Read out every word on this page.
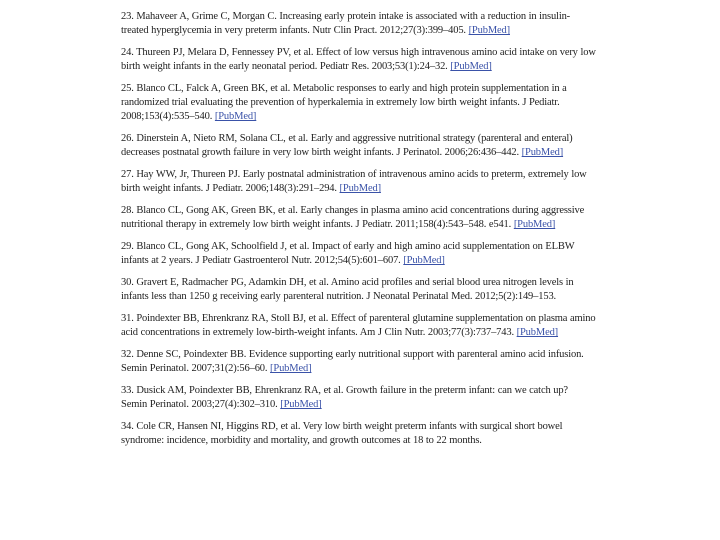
23. Mahaveer A, Grime C, Morgan C. Increasing early protein intake is associated with a reduction in insulin-treated hyperglycemia in very preterm infants. Nutr Clin Pract. 2012;27(3):399–405. [PubMed]

24. Thureen PJ, Melara D, Fennessey PV, et al. Effect of low versus high intravenous amino acid intake on very low birth weight infants in the early neonatal period. Pediatr Res. 2003;53(1):24–32. [PubMed]

25. Blanco CL, Falck A, Green BK, et al. Metabolic responses to early and high protein supplementation in a randomized trial evaluating the prevention of hyperkalemia in extremely low birth weight infants. J Pediatr. 2008;153(4):535–540. [PubMed]

26. Dinerstein A, Nieto RM, Solana CL, et al. Early and aggressive nutritional strategy (parenteral and enteral) decreases postnatal growth failure in very low birth weight infants. J Perinatol. 2006;26:436–442. [PubMed]

27. Hay WW, Jr, Thureen PJ. Early postnatal administration of intravenous amino acids to preterm, extremely low birth weight infants. J Pediatr. 2006;148(3):291–294. [PubMed]

28. Blanco CL, Gong AK, Green BK, et al. Early changes in plasma amino acid concentrations during aggressive nutritional therapy in extremely low birth weight infants. J Pediatr. 2011;158(4):543–548. e541. [PubMed]

29. Blanco CL, Gong AK, Schoolfield J, et al. Impact of early and high amino acid supplementation on ELBW infants at 2 years. J Pediatr Gastroenterol Nutr. 2012;54(5):601–607. [PubMed]

30. Gravert E, Radmacher PG, Adamkin DH, et al. Amino acid profiles and serial blood urea nitrogen levels in infants less than 1250 g receiving early parenteral nutrition. J Neonatal Perinatal Med. 2012;5(2):149–153.

31. Poindexter BB, Ehrenkranz RA, Stoll BJ, et al. Effect of parenteral glutamine supplementation on plasma amino acid concentrations in extremely low-birth-weight infants. Am J Clin Nutr. 2003;77(3):737–743. [PubMed]

32. Denne SC, Poindexter BB. Evidence supporting early nutritional support with parenteral amino acid infusion. Semin Perinatol. 2007;31(2):56–60. [PubMed]

33. Dusick AM, Poindexter BB, Ehrenkranz RA, et al. Growth failure in the preterm infant: can we catch up? Semin Perinatol. 2003;27(4):302–310. [PubMed]

34. Cole CR, Hansen NI, Higgins RD, et al. Very low birth weight preterm infants with surgical short bowel syndrome: incidence, morbidity and mortality, and growth outcomes at 18 to 22 months.
